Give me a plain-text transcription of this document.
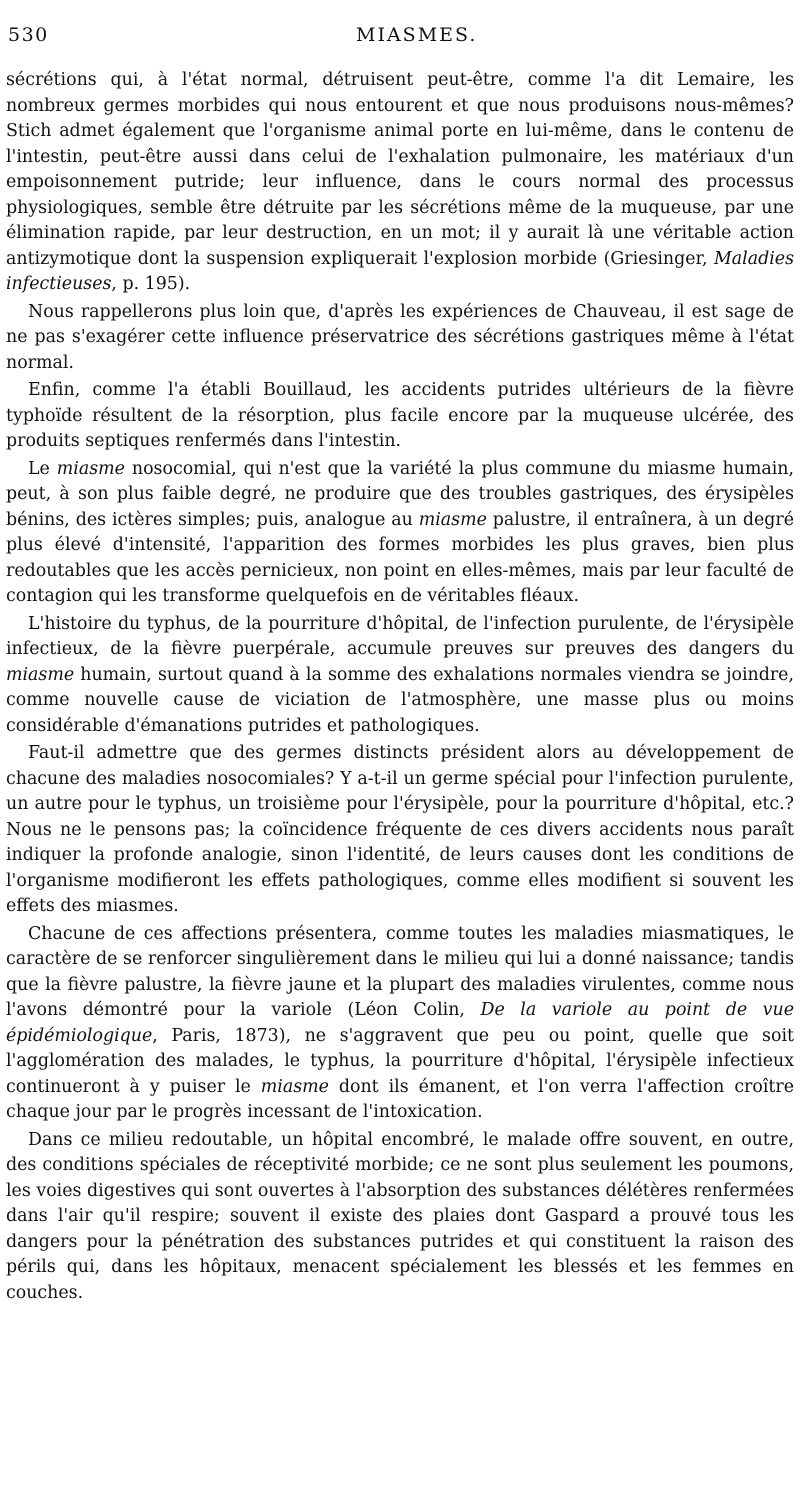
530	MIASMES.

sécrétions qui, à l'état normal, détruisent peut-être, comme l'a dit Lemaire, les nombreux germes morbides qui nous entourent et que nous produisons nous-mêmes? Stich admet également que l'organisme animal porte en lui-même, dans le contenu de l'intestin, peut-être aussi dans celui de l'exhalation pulmonaire, les matériaux d'un empoisonnement putride; leur influence, dans le cours normal des processus physiologiques, semble être détruite par les sécrétions même de la muqueuse, par une élimination rapide, par leur destruction, en un mot; il y aurait là une véritable action antizymotique dont la suspension expliquerait l'explosion morbide (Griesinger, Maladies infectieuses, p. 195).

Nous rappellerons plus loin que, d'après les expériences de Chauveau, il est sage de ne pas s'exagérer cette influence préservatrice des sécrétions gastriques même à l'état normal.

Enfin, comme l'a établi Bouillaud, les accidents putrides ultérieurs de la fièvre typhoïde résultent de la résorption, plus facile encore par la muqueuse ulcérée, des produits septiques renfermés dans l'intestin.

Le miasme nosocomial, qui n'est que la variété la plus commune du miasme humain, peut, à son plus faible degré, ne produire que des troubles gastriques, des érysipèles bénins, des ictères simples; puis, analogue au miasme palustre, il entraînera, à un degré plus élevé d'intensité, l'apparition des formes morbides les plus graves, bien plus redoutables que les accès pernicieux, non point en elles-mêmes, mais par leur faculté de contagion qui les transforme quelquefois en de véritables fléaux.

L'histoire du typhus, de la pourriture d'hôpital, de l'infection purulente, de l'érysipèle infectieux, de la fièvre puerpérale, accumule preuves sur preuves des dangers du miasme humain, surtout quand à la somme des exhalations normales viendra se joindre, comme nouvelle cause de viciation de l'atmosphère, une masse plus ou moins considérable d'émanations putrides et pathologiques.

Faut-il admettre que des germes distincts président alors au développement de chacune des maladies nosocomiales? Y a-t-il un germe spécial pour l'infection purulente, un autre pour le typhus, un troisième pour l'érysipèle, pour la pourriture d'hôpital, etc.? Nous ne le pensons pas; la coïncidence fréquente de ces divers accidents nous paraît indiquer la profonde analogie, sinon l'identité, de leurs causes dont les conditions de l'organisme modifieront les effets pathologiques, comme elles modifient si souvent les effets des miasmes.

Chacune de ces affections présentera, comme toutes les maladies miasmatiques, le caractère de se renforcer singulièrement dans le milieu qui lui a donné naissance; tandis que la fièvre palustre, la fièvre jaune et la plupart des maladies virulentes, comme nous l'avons démontré pour la variole (Léon Colin, De la variole au point de vue épidémiologique, Paris, 1873), ne s'aggravent que peu ou point, quelle que soit l'agglomération des malades, le typhus, la pourriture d'hôpital, l'érysipèle infectieux continueront à y puiser le miasme dont ils émanent, et l'on verra l'affection croître chaque jour par le progrès incessant de l'intoxication.

Dans ce milieu redoutable, un hôpital encombré, le malade offre souvent, en outre, des conditions spéciales de réceptivité morbide; ce ne sont plus seulement les poumons, les voies digestives qui sont ouvertes à l'absorption des substances délétères renfermées dans l'air qu'il respire; souvent il existe des plaies dont Gaspard a prouvé tous les dangers pour la pénétration des substances putrides et qui constituent la raison des périls qui, dans les hôpitaux, menacent spécialement les blessés et les femmes en couches.
